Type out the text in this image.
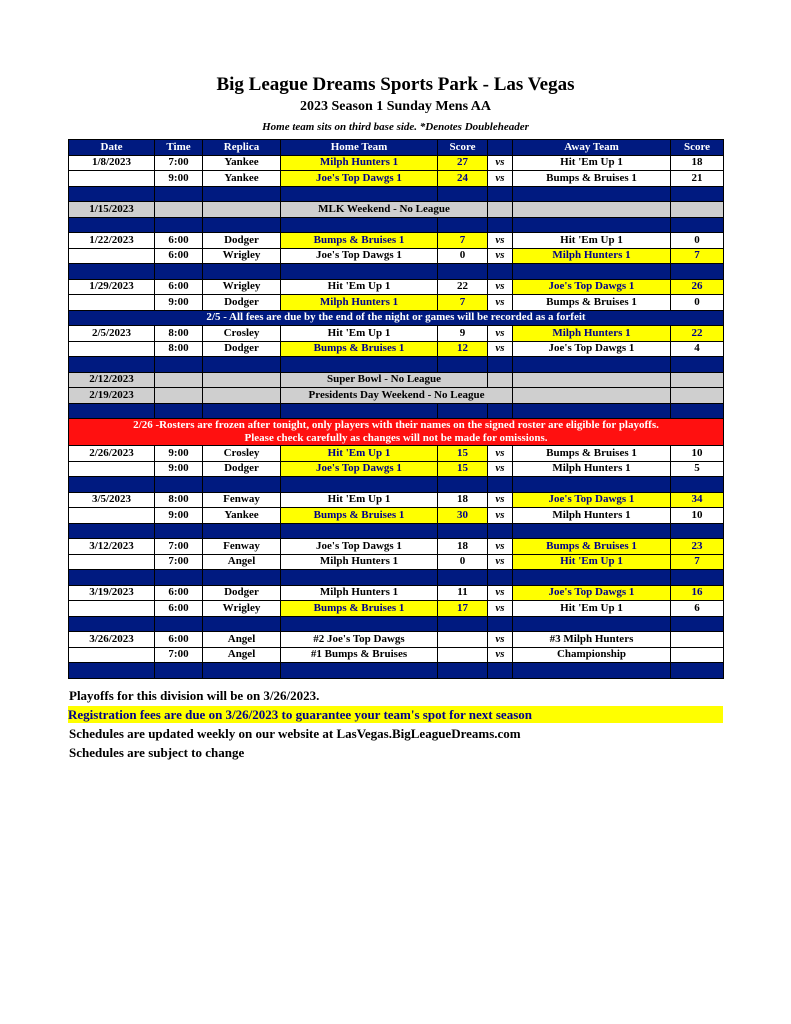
Big League Dreams Sports Park - Las Vegas
2023 Season 1 Sunday Mens AA
Home team sits on third base side. *Denotes Doubleheader
Date	Time	Replica	Home Team	Score		Away Team	Score
1/8/2023	7:00	Yankee	Milph Hunters 1	27	vs	Hit 'Em Up 1	18
	9:00	Yankee	Joe's Top Dawgs 1	24	vs	Bumps & Bruises 1	21

1/15/2023			MLK Weekend - No League				

1/22/2023	6:00	Dodger	Bumps & Bruises 1	7	vs	Hit 'Em Up 1	0
	6:00	Wrigley	Joe's Top Dawgs 1	0	vs	Milph Hunters 1	7

1/29/2023	6:00	Wrigley	Hit 'Em Up 1	22	vs	Joe's Top Dawgs 1	26
	9:00	Dodger	Milph Hunters 1	7	vs	Bumps & Bruises 1	0
2/5 - All fees are due by the end of the night or games will be recorded as a forfeit							
2/5/2023	8:00	Crosley	Hit 'Em Up 1	9	vs	Milph Hunters 1	22
	8:00	Dodger	Bumps & Bruises 1	12	vs	Joe's Top Dawgs 1	4

2/12/2023			Super Bowl - No League				
2/19/2023			Presidents Day Weekend - No League				

2/26 -Rosters are frozen after tonight, only players with their names on the signed roster are eligible for playoffs.
Please check carefully as changes will not be made for omissions.							

2/26/2023	9:00	Crosley	Hit 'Em Up 1	15	vs	Bumps & Bruises 1	10
	9:00	Dodger	Joe's Top Dawgs 1	15	vs	Milph Hunters 1	5

3/5/2023	8:00	Fenway	Hit 'Em Up 1	18	vs	Joe's Top Dawgs 1	34
	9:00	Yankee	Bumps & Bruises 1	30	vs	Milph Hunters 1	10

3/12/2023	7:00	Fenway	Joe's Top Dawgs 1	18	vs	Bumps & Bruises 1	23
	7:00	Angel	Milph Hunters 1	0	vs	Hit 'Em Up 1	7

3/19/2023	6:00	Dodger	Milph Hunters 1	11	vs	Joe's Top Dawgs 1	16
	6:00	Wrigley	Bumps & Bruises 1	17	vs	Hit 'Em Up 1	6

3/26/2023	6:00	Angel	#2 Joe's Top Dawgs		vs	#3 Milph Hunters	
	7:00	Angel	#1 Bumps & Bruises		vs	Championship	

Playoffs for this division will be on 3/26/2023.
Registration fees are due on 3/26/2023 to guarantee your team's spot for next season
Schedules are updated weekly on our website at LasVegas.BigLeagueDreams.com
Schedules are subject to change
